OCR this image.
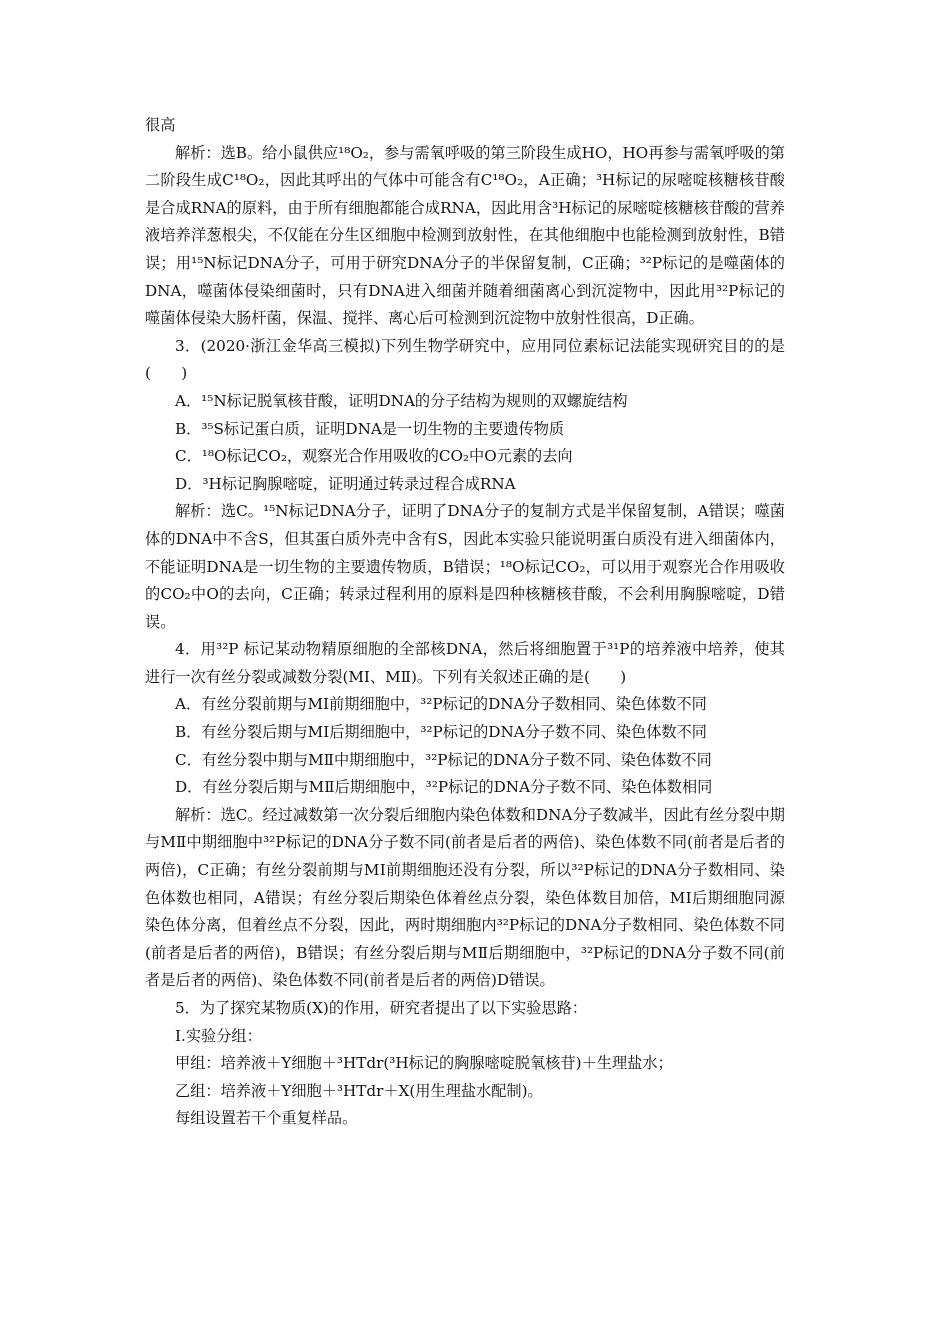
很高

解析：选B。给小鼠供应¹⁸O₂，参与需氧呼吸的第三阶段生成HO，HO再参与需氧呼吸的第二阶段生成C¹⁸O₂，因此其呼出的气体中可能含有C¹⁸O₂，A正确；³H标记的尿嘧啶核糖核苷酸是合成RNA的原料，由于所有细胞都能合成RNA，因此用含³H标记的尿嘧啶核糖核苷酸的营养液培养洋葱根尖，不仅能在分生区细胞中检测到放射性，在其他细胞中也能检测到放射性，B错误；用¹⁵N标记DNA分子，可用于研究DNA分子的半保留复制，C正确；³²P标记的是噬菌体的DNA，噬菌体侵染细菌时，只有DNA进入细菌并随着细菌离心到沉淀物中，因此用³²P标记的噬菌体侵染大肠杆菌，保温、搅拌、离心后可检测到沉淀物中放射性很高，D正确。

3．(2020·浙江金华高三模拟)下列生物学研究中，应用同位素标记法能实现研究目的的是(　　)

A．¹⁵N标记脱氧核苷酸，证明DNA的分子结构为规则的双螺旋结构

B．³⁵S标记蛋白质，证明DNA是一切生物的主要遗传物质

C．¹⁸O标记CO₂，观察光合作用吸收的CO₂中O元素的去向

D．³H标记胸腺嘧啶，证明通过转录过程合成RNA

解析：选C。¹⁵N标记DNA分子，证明了DNA分子的复制方式是半保留复制，A错误；噬菌体的DNA中不含S，但其蛋白质外壳中含有S，因此本实验只能说明蛋白质没有进入细菌体内，不能证明DNA是一切生物的主要遗传物质，B错误；¹⁸O标记CO₂，可以用于观察光合作用吸收的CO₂中O的去向，C正确；转录过程利用的原料是四种核糖核苷酸，不会利用胸腺嘧啶，D错误。

4．用³²P 标记某动物精原细胞的全部核DNA，然后将细胞置于³¹P的培养液中培养，使其进行一次有丝分裂或减数分裂(MⅠ、MⅡ)。下列有关叙述正确的是(　　)

A．有丝分裂前期与MⅠ前期细胞中，³²P标记的DNA分子数相同、染色体数不同

B．有丝分裂后期与MⅠ后期细胞中，³²P标记的DNA分子数不同、染色体数不同

C．有丝分裂中期与MⅡ中期细胞中，³²P标记的DNA分子数不同、染色体数不同

D．有丝分裂后期与MⅡ后期细胞中，³²P标记的DNA分子数不同、染色体数相同

解析：选C。经过减数第一次分裂后细胞内染色体数和DNA分子数减半，因此有丝分裂中期与MⅡ中期细胞中³²P标记的DNA分子数不同(前者是后者的两倍)、染色体数不同(前者是后者的两倍)，C正确；有丝分裂前期与MⅠ前期细胞还没有分裂，所以³²P标记的DNA分子数相同、染色体数也相同，A错误；有丝分裂后期染色体着丝点分裂，染色体数目加倍，MⅠ后期细胞同源染色体分离，但着丝点不分裂，因此，两时期细胞内³²P标记的DNA分子数相同、染色体数不同(前者是后者的两倍)，B错误；有丝分裂后期与MⅡ后期细胞中，³²P标记的DNA分子数不同(前者是后者的两倍)、染色体数不同(前者是后者的两倍)D错误。

5．为了探究某物质(X)的作用，研究者提出了以下实验思路：

Ⅰ.实验分组：

甲组：培养液＋Y细胞＋³HTdr(³H标记的胸腺嘧啶脱氧核苷)＋生理盐水；

乙组：培养液＋Y细胞＋³HTdr＋X(用生理盐水配制)。

每组设置若干个重复样品。
